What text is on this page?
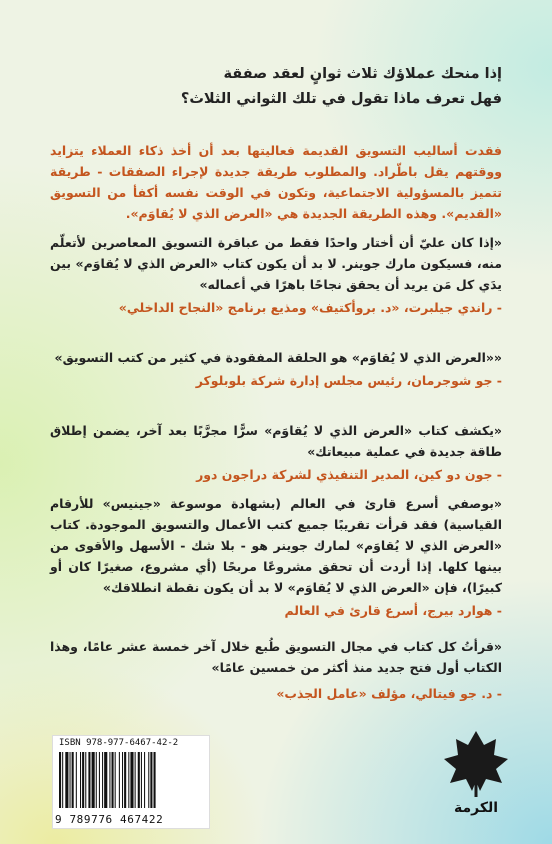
إذا منحك عملاؤك ثلاث ثوانٍ لعقد صفقة
فهل تعرف ماذا تقول في تلك الثواني الثلاث؟
فقدت أساليب التسويق القديمة فعاليتها بعد أن أخذ ذكاء العملاء يتزايد ووقتهم يقل باطّراد. والمطلوب طريقة جديدة لإجراء الصفقات - طريقة تتميز بالمسؤولية الاجتماعية، وتكون في الوقت نفسه أكفأ من التسويق «القديم». وهذه الطريقة الجديدة هي «العرض الذي لا يُقاوَم».
«إذا كان عليّ أن أختار واحدًا فقط من عباقرة التسويق المعاصرين لأتعلّم منه، فسيكون مارك جوينر. لا بد أن يكون كتاب «العرض الذي لا يُقاوَم» بين يدَي كل مَن يريد أن يحقق نجاحًا باهرًا في أعماله»
- راندي جيلبرت، «د. بروأكتيف» ومذيع برنامج «النجاح الداخلي»
««العرض الذي لا يُقاوَم» هو الحلقة المفقودة في كثير من كتب التسويق»
- جو شوجرمان، رئيس مجلس إدارة شركة بلوبلوكر
«يكشف كتاب «العرض الذي لا يُقاوَم» سرًّا مجرَّبًا بعد آخر، يضمن إطلاق طاقة جديدة في عملية مبيعاتك»
- جون دو كين، المدير التنفيذي لشركة دراجون دور
«بوصفي أسرع قارئ في العالم (بشهادة موسوعة «جينيس» للأرقام القياسية) فقد قرأت تقريبًا جميع كتب الأعمال والتسويق الموجودة. كتاب «العرض الذي لا يُقاوَم» لمارك جوينر هو - بلا شك - الأسهل والأقوى من بينها كلها. إذا أردت أن تحقق مشروعًا مربحًا (أي مشروع، صغيرًا كان أو كبيرًا)، فإن «العرض الذي لا يُقاوَم» لا بد أن يكون نقطة انطلاقك»
- هوارد بيرج، أسرع قارئ في العالم
«قرأتُ كل كتاب في مجال التسويق طُبع خلال آخر خمسة عشر عامًا، وهذا الكتاب أول فتح جديد منذ أكثر من خمسين عامًا»
- د. جو فيتالي، مؤلف «عامل الجذب»
ISBN 978-977-6467-42-2
9 789776 467422
الكرمة
